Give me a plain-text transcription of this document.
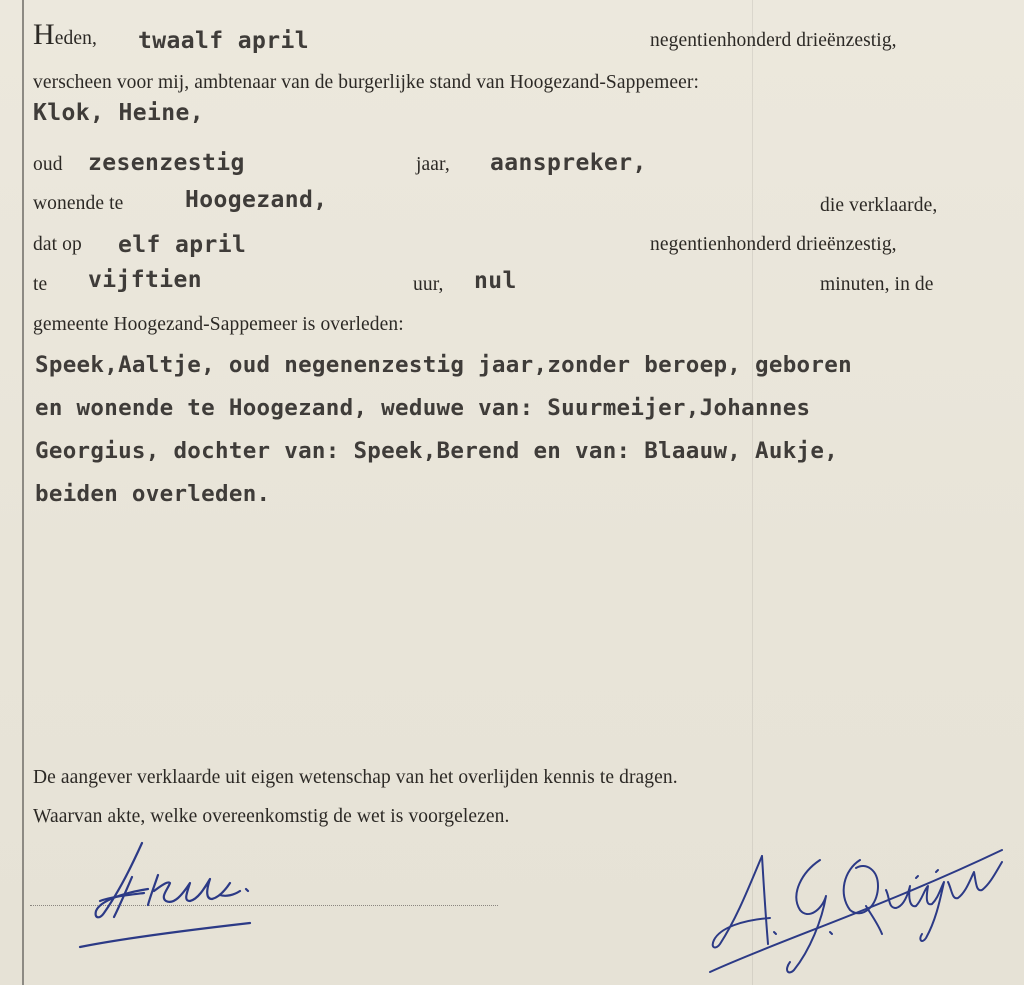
Heden, twaalf april	negentienhonderd drieënzestig,
verscheen voor mij, ambtenaar van de burgerlijke stand van Hoogezand-Sappemeer:
Klok, Heine,
oud zesenzestig	jaar, aanspreker,
wonende te	Hoogezand,	die verklaarde,
dat op elf april	negentienhonderd drieënzestig,
te vijftien	uur, nul	minuten, in de
gemeente Hoogezand-Sappemeer is overleden:
Speek,Aaltje, oud negenenzestig jaar,zonder beroep, geboren
en wonende te Hoogezand, weduwe van: Suurmeijer,Johannes
Georgius, dochter van: Speek,Berend en van: Blaauw, Aukje,
beiden overleden.
De aangever verklaarde uit eigen wetenschap van het overlijden kennis te dragen.
Waarvan akte, welke overeenkomstig de wet is voorgelezen.
